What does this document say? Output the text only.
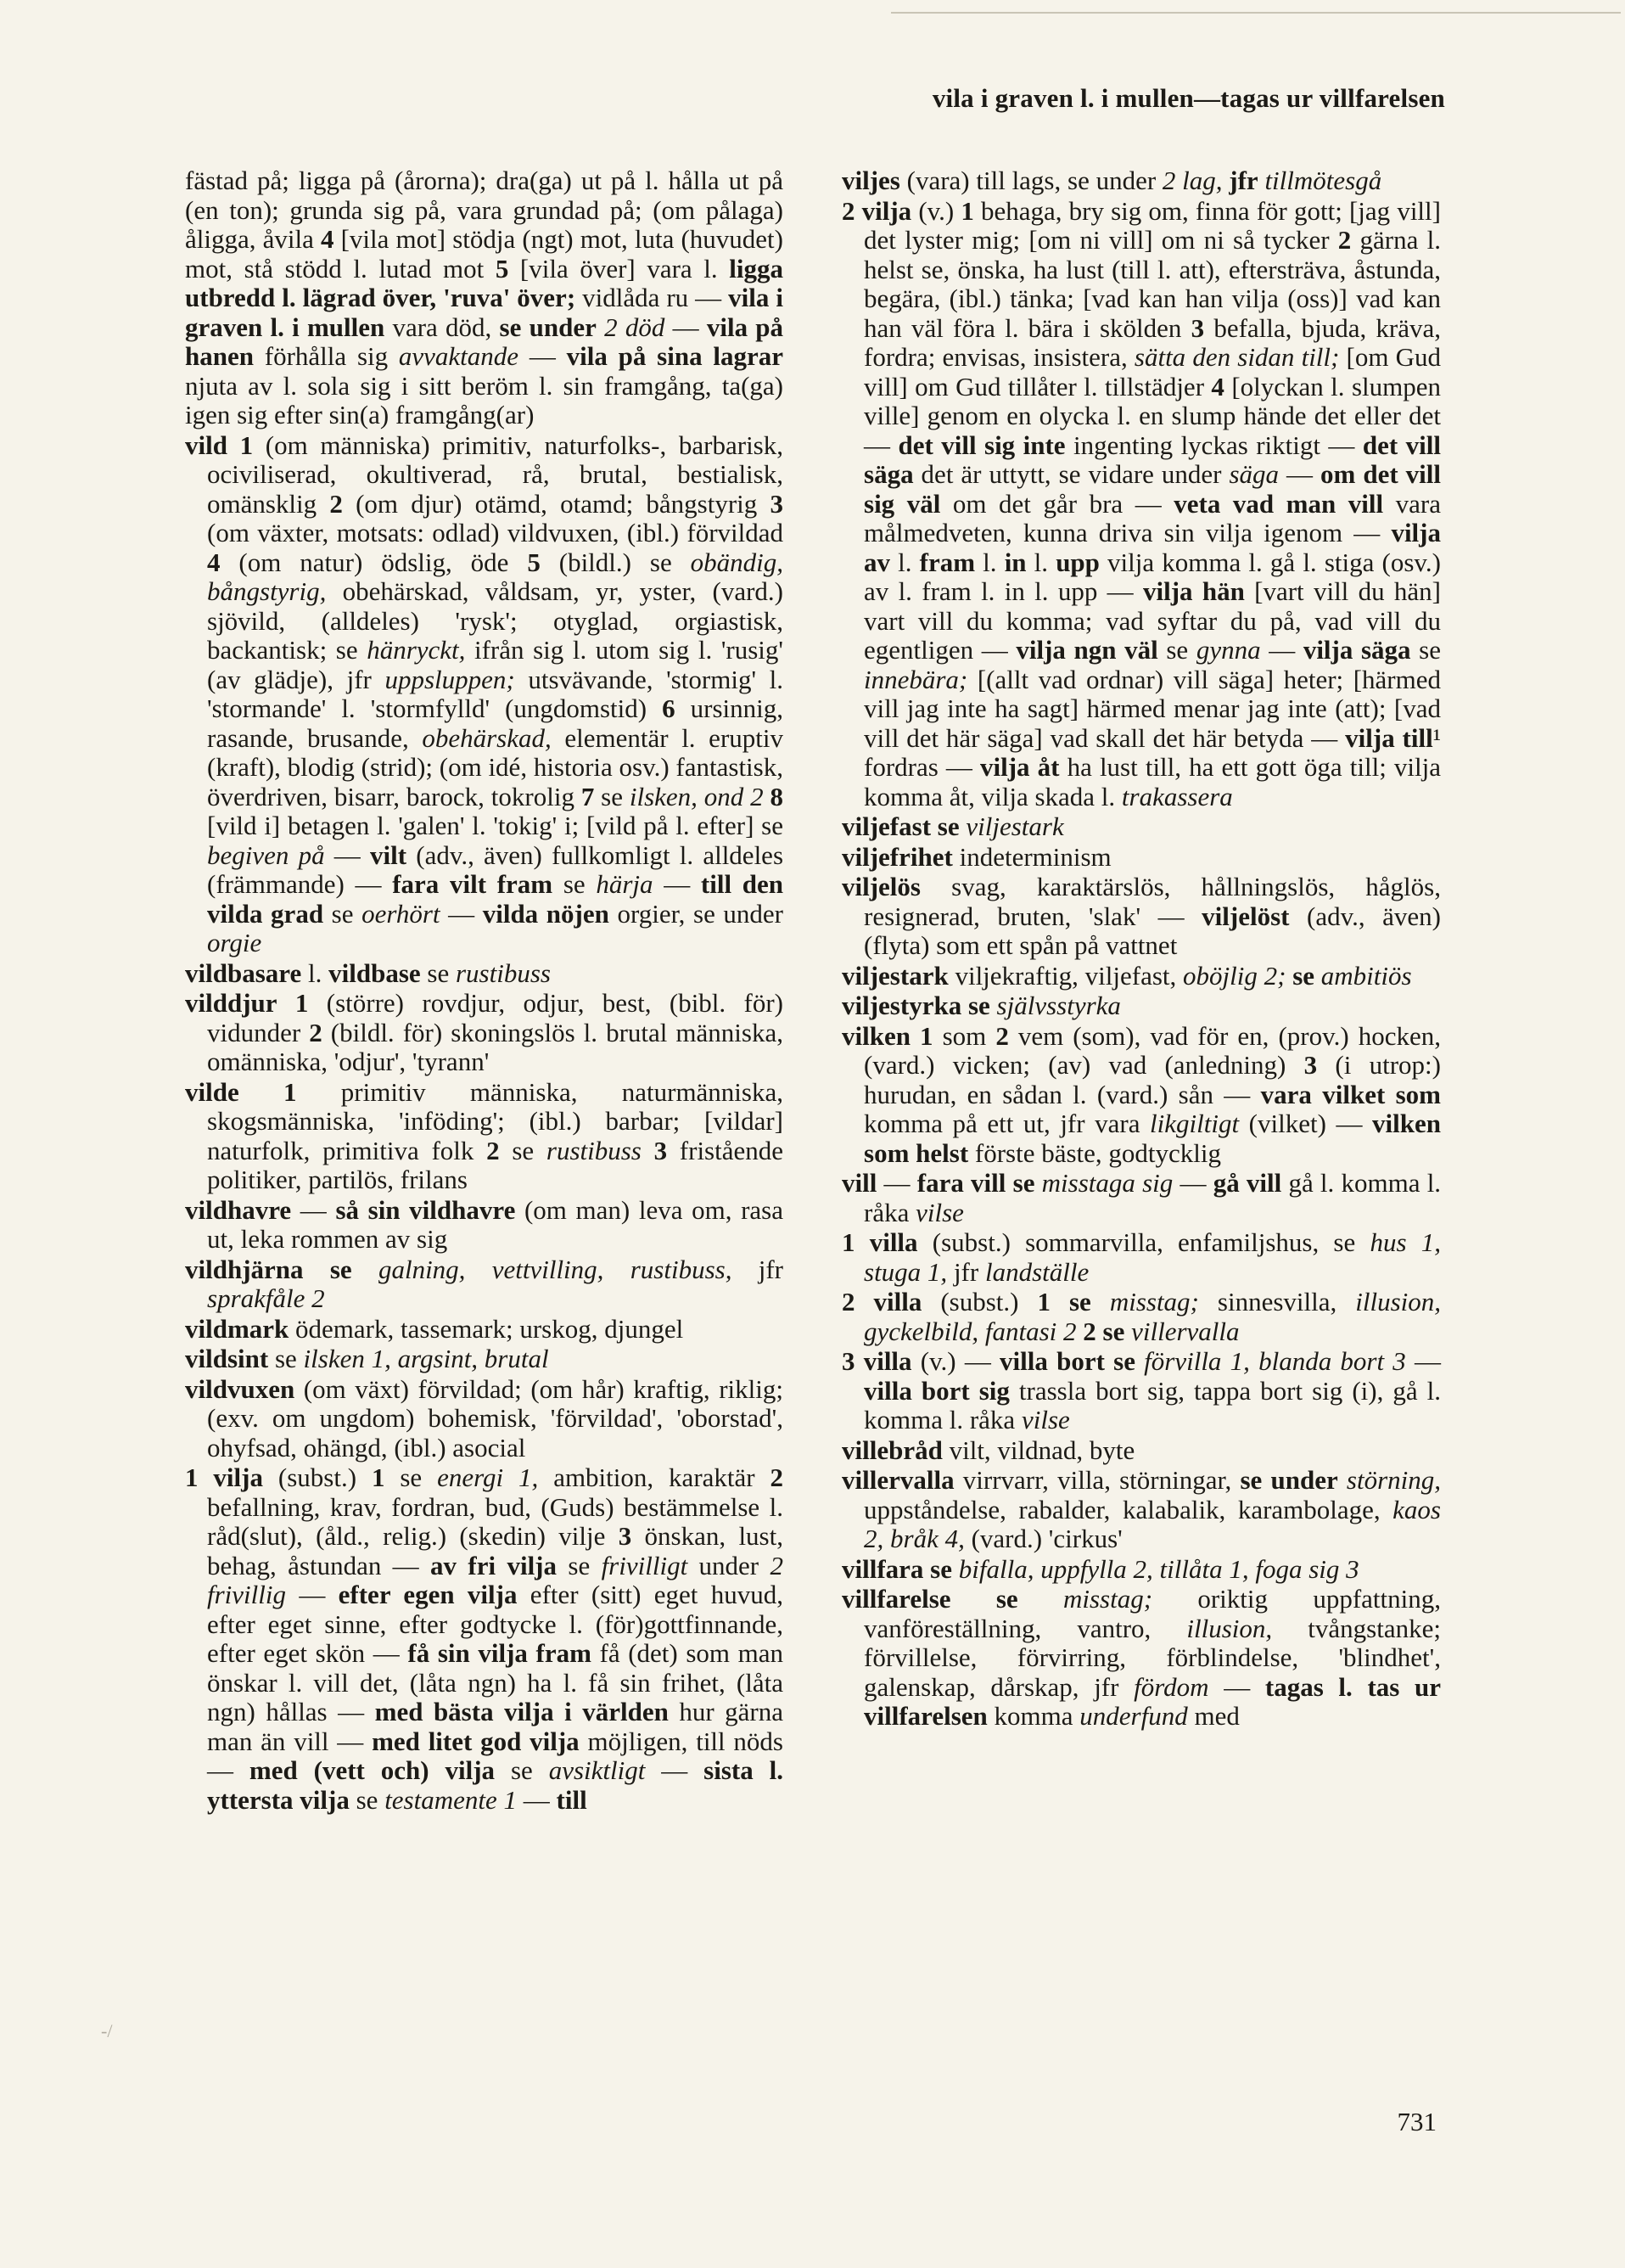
vila i graven l. i mullen—tagas ur villfarelsen

fästad på; ligga på (årorna); dra(ga) ut på l. hålla ut på (en ton); grunda sig på, vara grundad på; (om pålaga) åligga, åvila 4 [vila mot] stödja (ngt) mot, luta (huvudet) mot, stå stödd l. lutad mot 5 [vila över] vara l. ligga utbredd l. lägrad över, 'ruva' över; vidlåda ru — vila i graven l. i mullen vara död, se under 2 död — vila på hanen förhålla sig avvaktande — vila på sina lagrar njuta av l. sola sig i sitt beröm l. sin framgång, ta(ga) igen sig efter sin(a) framgång(ar)

vild 1 (om människa) primitiv, naturfolks-, barbarisk, ociviliserad, okultiverad, rå, brutal, bestialisk, omänsklig 2 (om djur) otämd, otamd; bångstyrig 3 (om växter, motsats: odlad) vildvuxen, (ibl.) förvildad 4 (om natur) ödslig, öde 5 (bildl.) se obändig, bångstyrig, obehärskad, våldsam, yr, yster, (vard.) sjövild, (alldeles) 'rysk'; otyglad, orgiastisk, backantisk; se hänryckt, ifrån sig l. utom sig l. 'rusig' (av glädje), jfr uppsluppen; utsvävande, 'stormig' l. 'stormande' l. 'stormfylld' (ungdomstid) 6 ursinnig, rasande, brusande, obehärskad, elementär l. eruptiv (kraft), blodig (strid); (om idé, historia osv.) fantastisk, överdriven, bisarr, barock, tokrolig 7 se ilsken, ond 2 8 [vild i] betagen l. 'galen' l. 'tokig' i; [vild på l. efter] se begiven på — vilt (adv., även) fullkomligt l. alldeles (främmande) — fara vilt fram se härja — till den vilda grad se oerhört — vilda nöjen orgier, se under orgie

vildbasare l. vildbase se rustibuss

vilddjur 1 (större) rovdjur, odjur, best, (bibl. för) vidunder 2 (bildl. för) skoningslös l. brutal människa, omänniska, 'odjur', 'tyrann'

vilde 1 primitiv människa, naturmänniska, skogsmänniska, 'inföding'; (ibl.) barbar; [vildar] naturfolk, primitiva folk 2 se rustibuss 3 fristående politiker, partilös, frilans

vildhavre — så sin vildhavre (om man) leva om, rasa ut, leka rommen av sig

vildhjärna se galning, vettvilling, rustibuss, jfr sprakfåle 2

vildmark ödemark, tassemark; urskog, djungel

vildsint se ilsken 1, argsint, brutal

vildvuxen (om växt) förvildad; (om hår) kraftig, riklig; (exv. om ungdom) bohemisk, 'förvildad', 'oborstad', ohyfsad, ohängd, (ibl.) asocial

1 vilja (subst.) 1 se energi 1, ambition, karaktär 2 befallning, krav, fordran, bud, (Guds) bestämmelse l. råd(slut), (åld., relig.) (skedin) vilje 3 önskan, lust, behag, åstundan — av fri vilja se frivilligt under 2 frivillig — efter egen vilja efter (sitt) eget huvud, efter eget sinne, efter godtycke l. (för)gottfinnande, efter eget skön — få sin vilja fram få (det) som man önskar l. vill det, (låta ngn) ha l. få sin frihet, (låta ngn) hållas — med bästa vilja i världen hur gärna man än vill — med litet god vilja möjligen, till nöds — med (vett och) vilja se avsiktligt — sista l. yttersta vilja se testamente 1 — till

viljes (vara) till lags, se under 2 lag, jfr tillmötesgå

2 vilja (v.) 1 behaga, bry sig om, finna för gott; [jag vill] det lyster mig; [om ni vill] om ni så tycker 2 gärna l. helst se, önska, ha lust (till l. att), eftersträva, åstunda, begära, (ibl.) tänka; [vad kan han vilja (oss)] vad kan han väl föra l. bära i skölden 3 befalla, bjuda, kräva, fordra; envisas, insistera, sätta den sidan till; [om Gud vill] om Gud tillåter l. tillstädjer 4 [olyckan l. slumpen ville] genom en olycka l. en slump hände det eller det — det vill sig inte ingenting lyckas riktigt — det vill säga det är uttytt, se vidare under säga — om det vill sig väl om det går bra — veta vad man vill vara målmedveten, kunna driva sin vilja igenom — vilja av l. fram l. in l. upp vilja komma l. gå l. stiga (osv.) av l. fram l. in l. upp — vilja hän [vart vill du hän] vart vill du komma; vad syftar du på, vad vill du egentligen — vilja ngn väl se gynna — vilja säga se innebära; [(allt vad ordnar) vill säga] heter; [härmed vill jag inte ha sagt] härmed menar jag inte (att); [vad vill det här säga] vad skall det här betyda — vilja till¹ fordras — vilja åt ha lust till, ha ett gott öga till; vilja komma åt, vilja skada l. trakassera

viljefast se viljestark

viljefrihet indeterminism

viljelös svag, karaktärslös, hållningslös, håglös, resignerad, bruten, 'slak' — viljelöst (adv., även) (flyta) som ett spån på vattnet

viljestark viljekraftig, viljefast, oböjlig 2; se ambitiös

viljestyrka se självsstyrka

vilken 1 som 2 vem (som), vad för en, (prov.) hocken, (vard.) vicken; (av) vad (anledning) 3 (i utrop:) hurudan, en sådan l. (vard.) sån — vara vilket som komma på ett ut, jfr vara likgiltigt (vilket) — vilken som helst förste bäste, godtycklig

vill — fara vill se misstaga sig — gå vill gå l. komma l. råka vilse

1 villa (subst.) sommarvilla, enfamiljshus, se hus 1, stuga 1, jfr landställe

2 villa (subst.) 1 se misstag; sinnesvilla, illusion, gyckelbild, fantasi 2 2 se villervalla

3 villa (v.) — villa bort se förvilla 1, blanda bort 3 — villa bort sig trassla bort sig, tappa bort sig (i), gå l. komma l. råka vilse

villebråd vilt, vildnad, byte

villervalla virrvarr, villa, störningar, se under störning, uppståndelse, rabalder, kalabalik, karambolage, kaos 2, bråk 4, (vard.) 'cirkus'

villfara se bifalla, uppfylla 2, tillåta 1, foga sig 3

villfarelse se misstag; oriktig uppfattning, vanföreställning, vantro, illusion, tvångstanke; förvillelse, förvirring, förblindelse, 'blindhet', galenskap, dårskap, jfr fördom — tagas l. tas ur villfarelsen komma underfund med

731
-/
